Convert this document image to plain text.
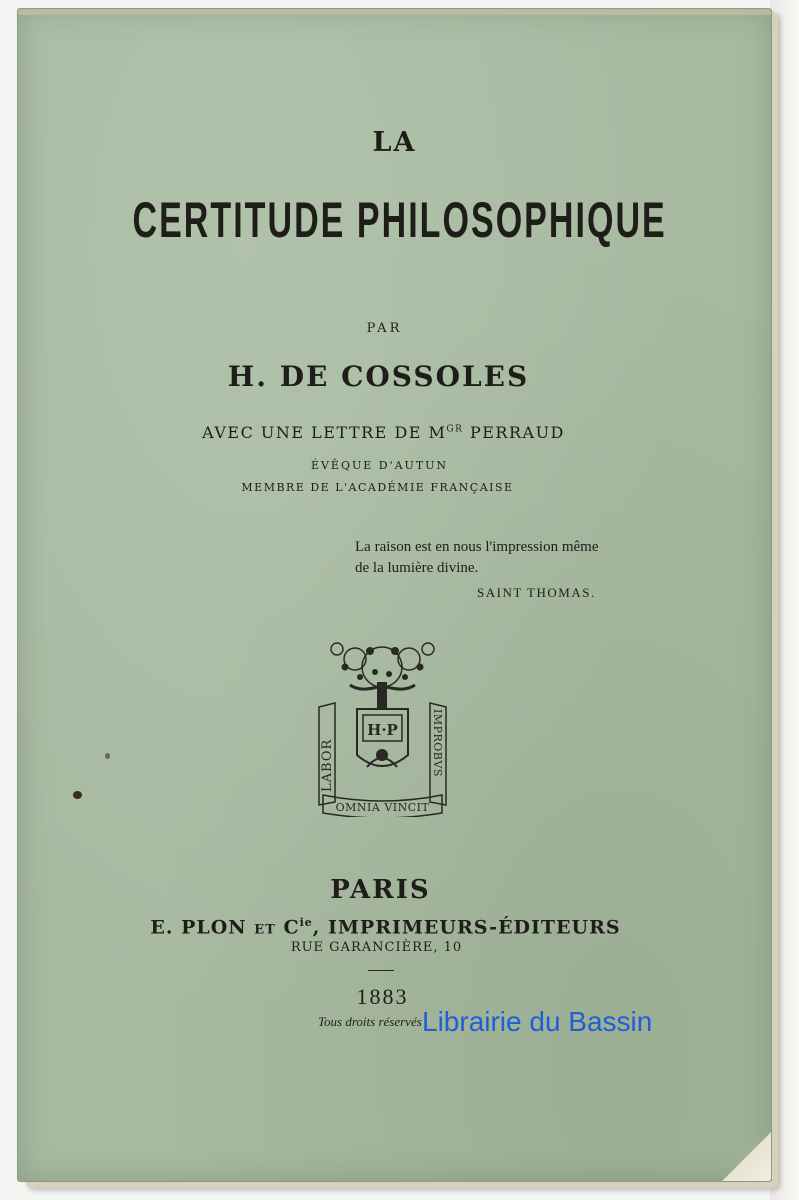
LA
CERTITUDE PHILOSOPHIQUE
PAR
H. DE COSSOLES
AVEC UNE LETTRE DE $M^{GR}$ PERRAUD
ÉVÊQUE D'AUTUN
MEMBRE DE L'ACADÉMIE FRANÇAISE
La raison est en nous l'impression même
de la lumière divine.
SAINT THOMAS.
H·P
LABOR	IMPROBVS
OMNIA VINCIT
PARIS
E. PLON ET $C^{ie}$, IMPRIMEURS-ÉDITEURS
RUE GARANCIÈRE, 10
1883
Tous droits réservés Librairie du Bassin
